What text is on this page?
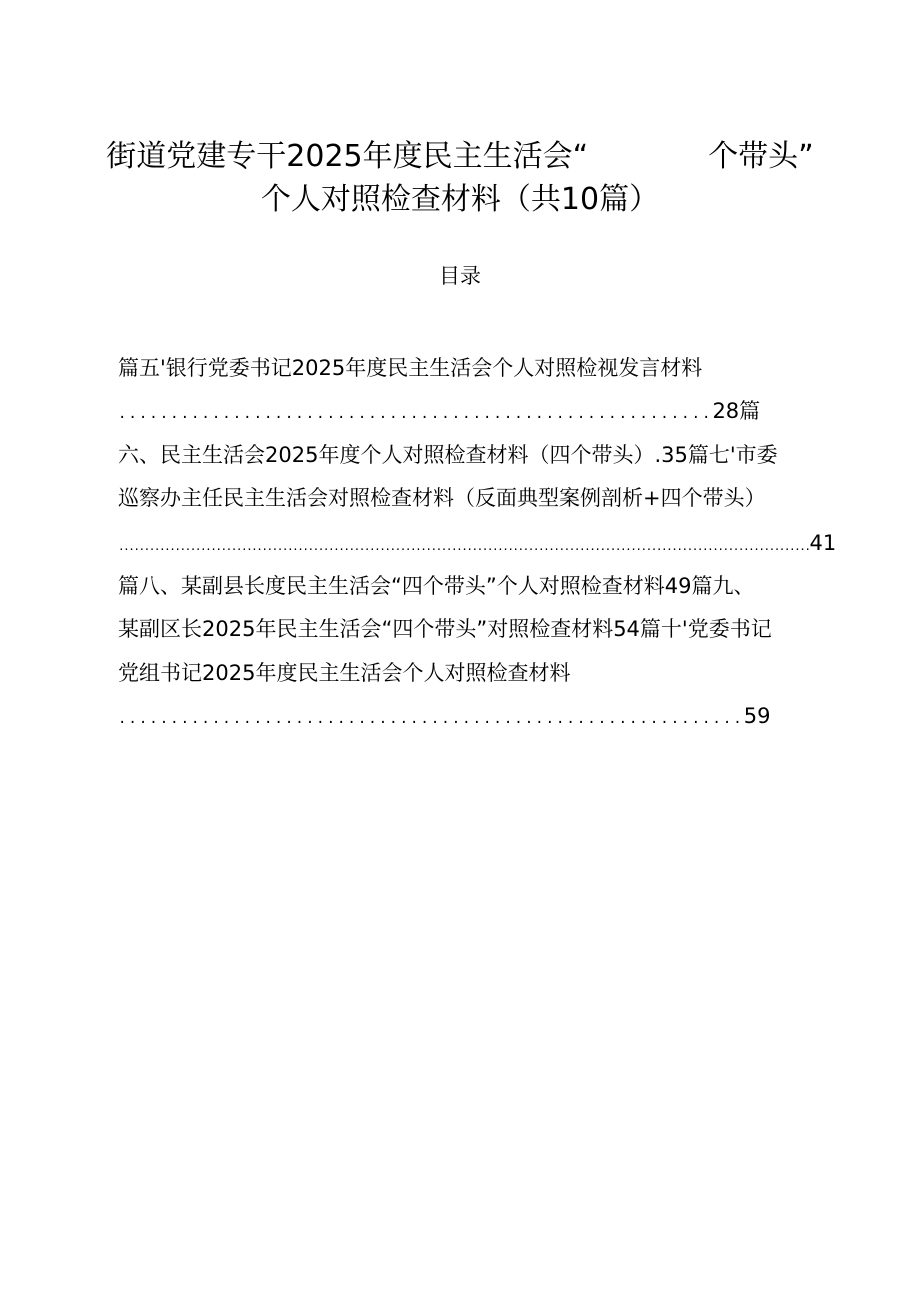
街道党建专干2025年度民主生活会“　　　　个带头”
个人对照检查材料（共10篇）
目录
篇五'银行党委书记2025年度民主生活会个人对照检视发言材料
.........................................................28篇
六、民主生活会2025年度个人对照检查材料（四个带头）.35篇七'市委
巡察办主任民主生活会对照检查材料（反面典型案例剖析+四个带头）
.......................................................................................................................................41
篇八、某副县长度民主生活会“四个带头”个人对照检查材料49篇九、
某副区长2025年民主生活会“四个带头”对照检查材料54篇十'党委书记
党组书记2025年度民主生活会个人对照检查材料
............................................................59
